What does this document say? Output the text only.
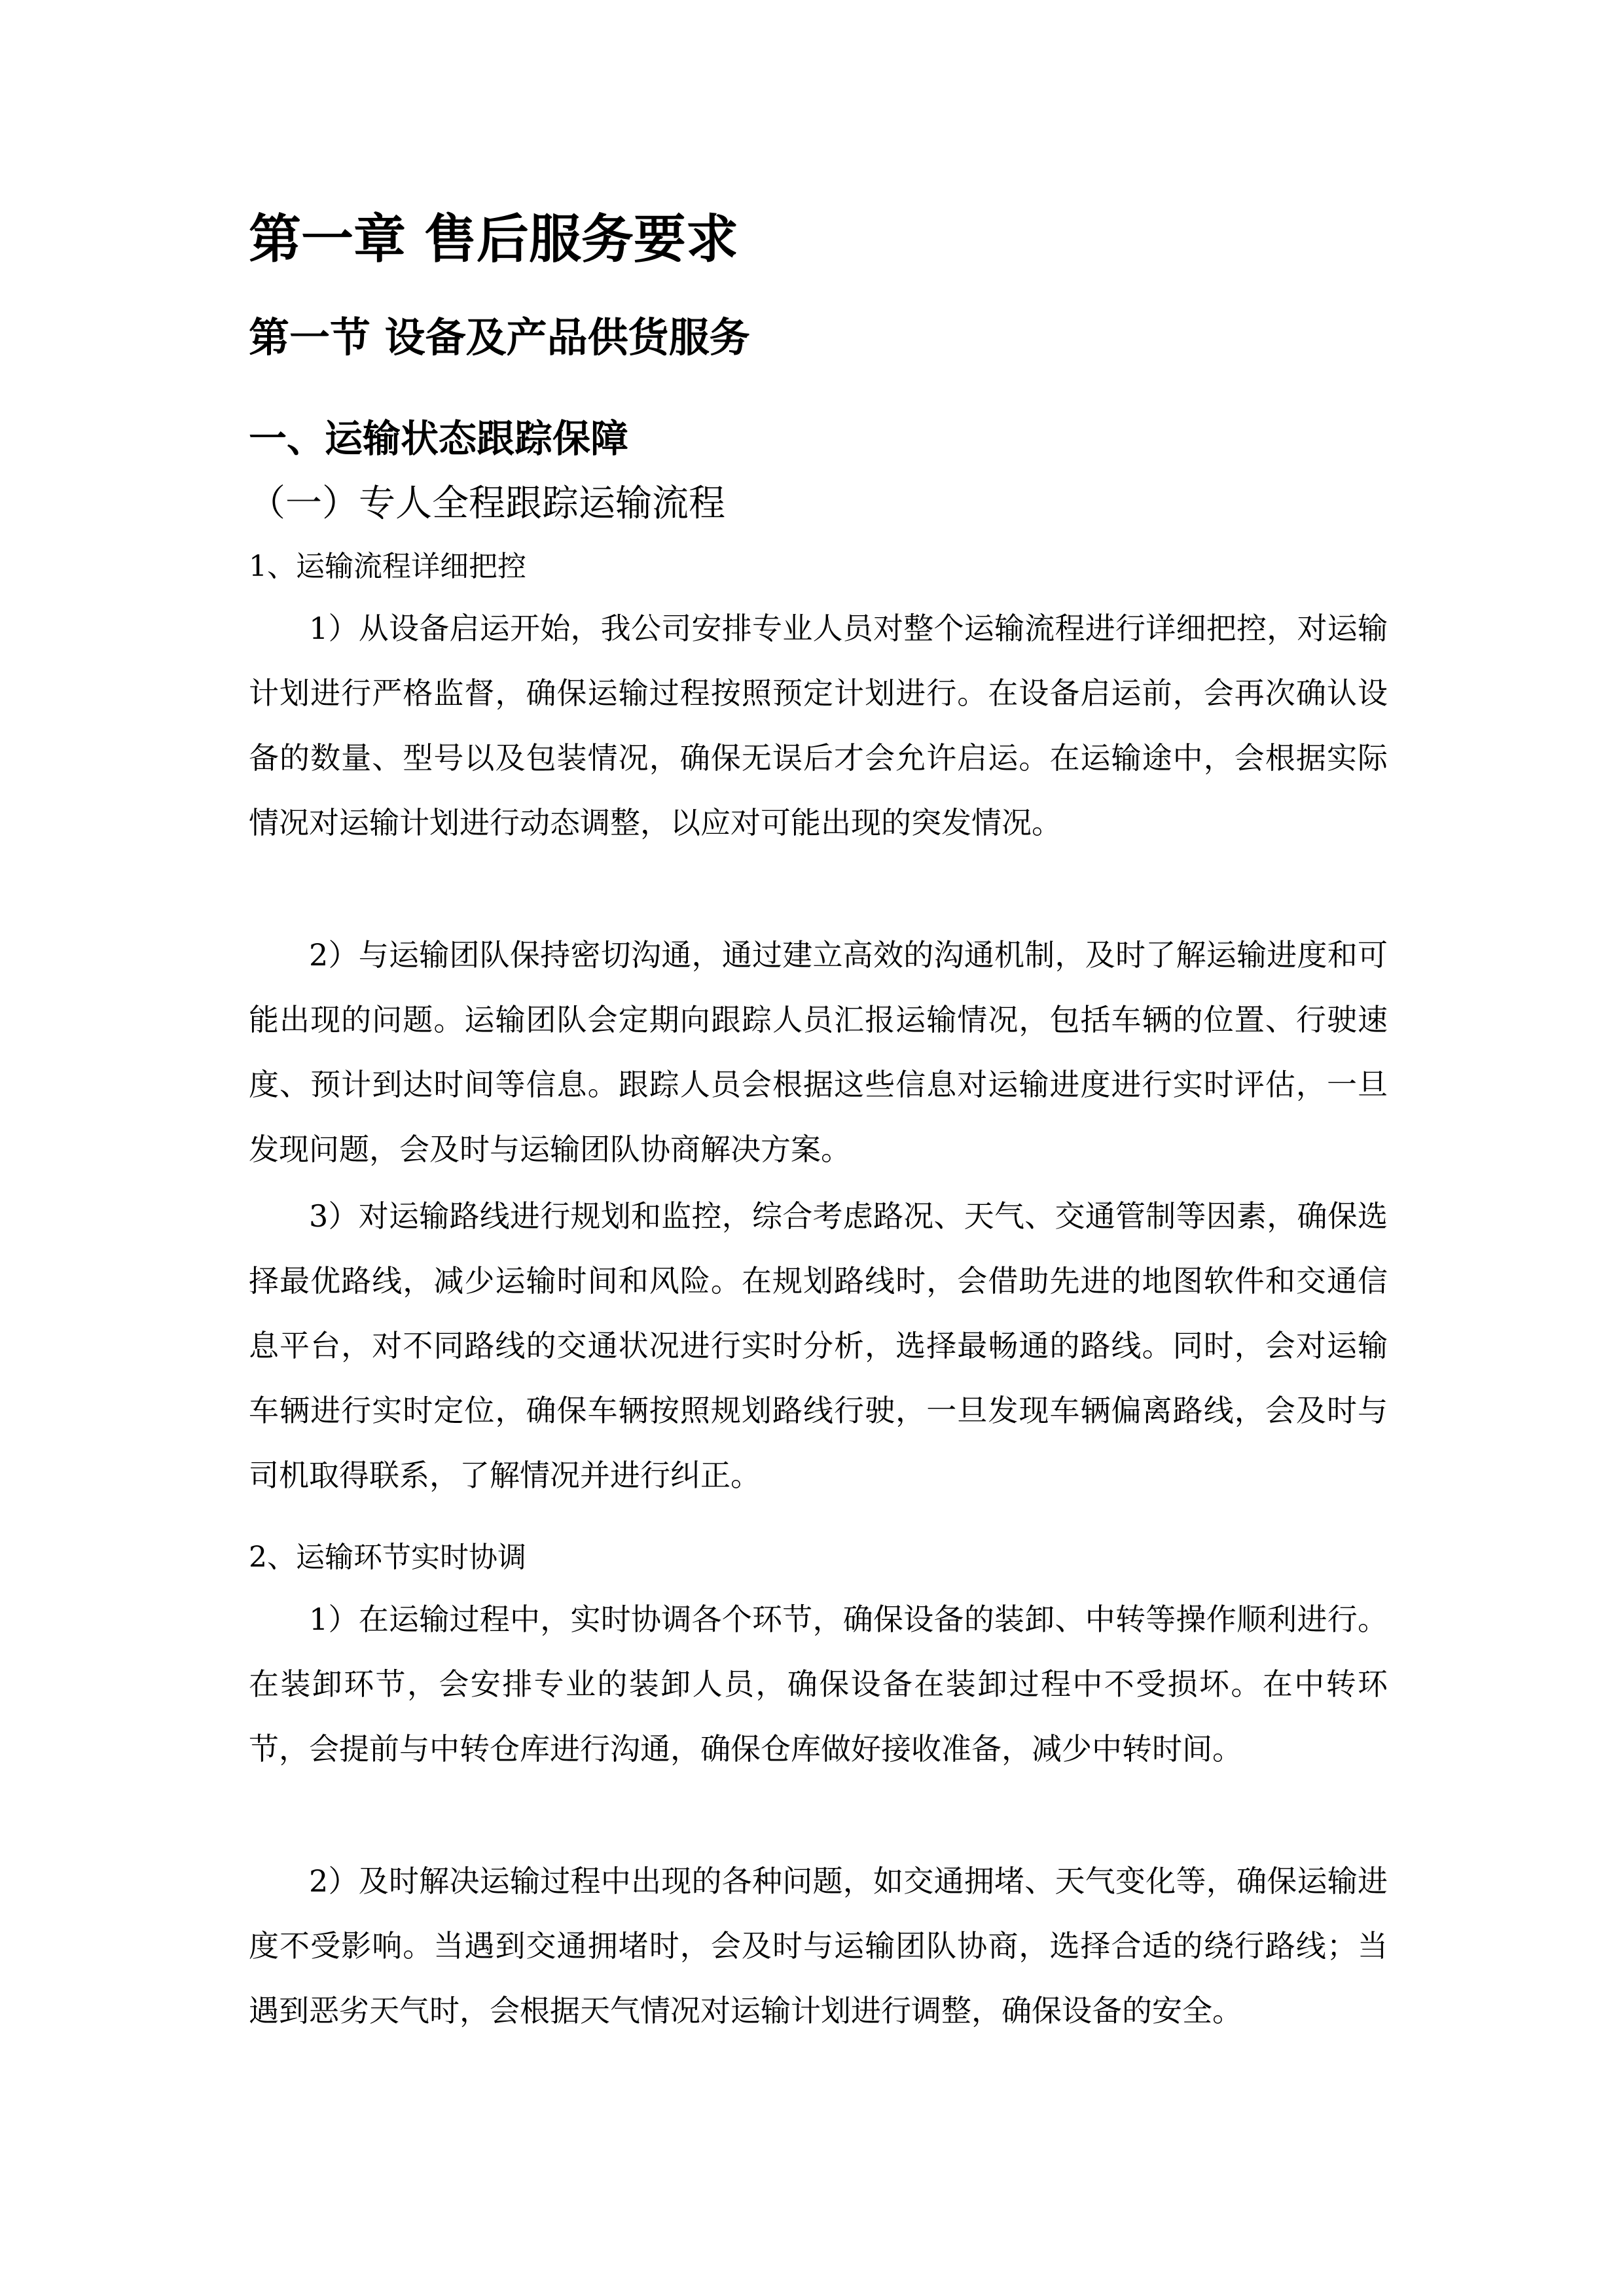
第一章 售后服务要求
第一节 设备及产品供货服务
一、运输状态跟踪保障
（一）专人全程跟踪运输流程
1、运输流程详细把控

1）从设备启运开始，我公司安排专业人员对整个运输流程进行详细把控，对运输计划进行严格监督，确保运输过程按照预定计划进行。在设备启运前，会再次确认设备的数量、型号以及包装情况，确保无误后才会允许启运。在运输途中，会根据实际情况对运输计划进行动态调整，以应对可能出现的突发情况。

2）与运输团队保持密切沟通，通过建立高效的沟通机制，及时了解运输进度和可能出现的问题。运输团队会定期向跟踪人员汇报运输情况，包括车辆的位置、行驶速度、预计到达时间等信息。跟踪人员会根据这些信息对运输进度进行实时评估，一旦发现问题，会及时与运输团队协商解决方案。

3）对运输路线进行规划和监控，综合考虑路况、天气、交通管制等因素，确保选择最优路线，减少运输时间和风险。在规划路线时，会借助先进的地图软件和交通信息平台，对不同路线的交通状况进行实时分析，选择最畅通的路线。同时，会对运输车辆进行实时定位，确保车辆按照规划路线行驶，一旦发现车辆偏离路线，会及时与司机取得联系，了解情况并进行纠正。

2、运输环节实时协调

1）在运输过程中，实时协调各个环节，确保设备的装卸、中转等操作顺利进行。在装卸环节，会安排专业的装卸人员，确保设备在装卸过程中不受损坏。在中转环节，会提前与中转仓库进行沟通，确保仓库做好接收准备，减少中转时间。

2）及时解决运输过程中出现的各种问题，如交通拥堵、天气变化等，确保运输进度不受影响。当遇到交通拥堵时，会及时与运输团队协商，选择合适的绕行路线；当遇到恶劣天气时，会根据天气情况对运输计划进行调整，确保设备的安全。
